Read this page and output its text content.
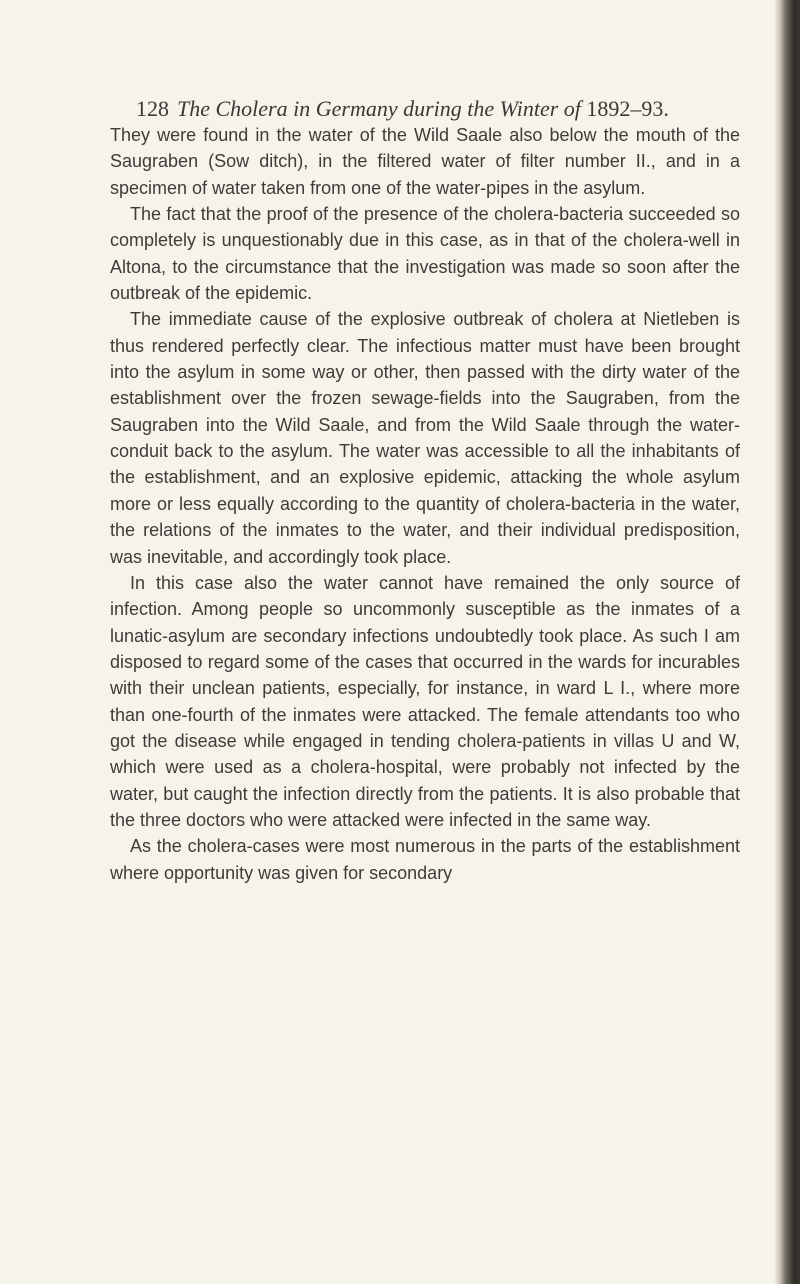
128 The Cholera in Germany during the Winter of 1892–93.

They were found in the water of the Wild Saale also below the mouth of the Saugraben (Sow ditch), in the filtered water of filter number II., and in a specimen of water taken from one of the water-pipes in the asylum.

The fact that the proof of the presence of the cholera-bacteria succeeded so completely is unquestionably due in this case, as in that of the cholera-well in Altona, to the circumstance that the investigation was made so soon after the outbreak of the epidemic.

The immediate cause of the explosive outbreak of cholera at Nietleben is thus rendered perfectly clear. The infectious matter must have been brought into the asylum in some way or other, then passed with the dirty water of the establishment over the frozen sewage-fields into the Saugraben, from the Saugraben into the Wild Saale, and from the Wild Saale through the water-conduit back to the asylum. The water was accessible to all the inhabitants of the establishment, and an explosive epidemic, attacking the whole asylum more or less equally according to the quantity of cholera-bacteria in the water, the relations of the inmates to the water, and their individual predisposition, was inevitable, and accordingly took place.

In this case also the water cannot have remained the only source of infection. Among people so uncommonly susceptible as the inmates of a lunatic-asylum are secondary infections undoubtedly took place. As such I am disposed to regard some of the cases that occurred in the wards for incurables with their unclean patients, especially, for instance, in ward L I., where more than one-fourth of the inmates were attacked. The female attendants too who got the disease while engaged in tending cholera-patients in villas U and W, which were used as a cholera-hospital, were probably not infected by the water, but caught the infection directly from the patients. It is also probable that the three doctors who were attacked were infected in the same way.

As the cholera-cases were most numerous in the parts of the establishment where opportunity was given for secondary
